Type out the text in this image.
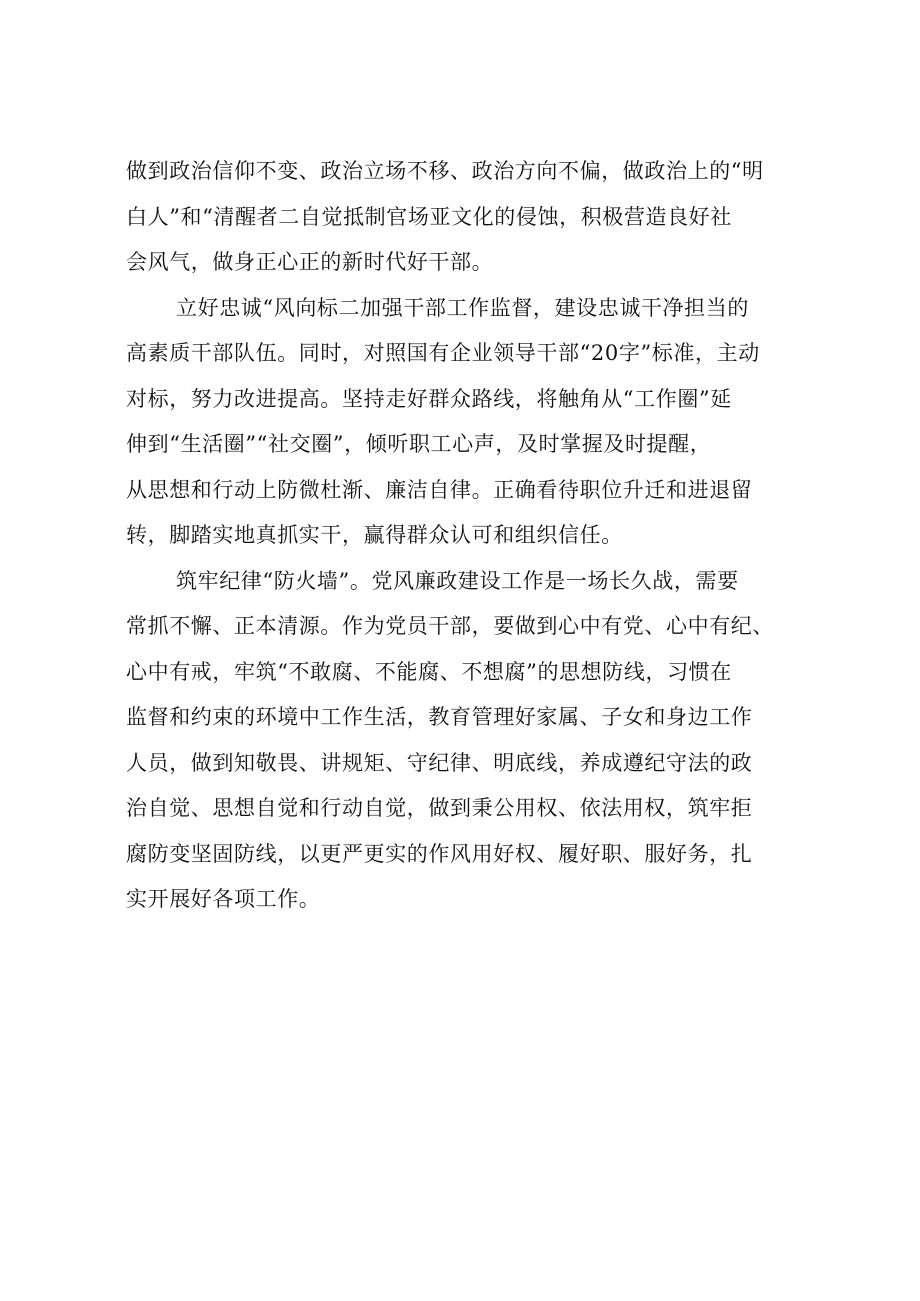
做到政治信仰不变、政治立场不移、政治方向不偏，做政治上的“明
白人”和“清醒者二自觉抵制官场亚文化的侵蚀，积极营造良好社
会风气，做身正心正的新时代好干部。
立好忠诚“风向标二加强干部工作监督，建设忠诚干净担当的
高素质干部队伍。同时，对照国有企业领导干部“20字”标准，主动
对标，努力改进提高。坚持走好群众路线，将触角从“工作圈”延
伸到“生活圈”“社交圈”，倾听职工心声，及时掌握及时提醒，
从思想和行动上防微杜渐、廉洁自律。正确看待职位升迁和进退留
转，脚踏实地真抓实干，赢得群众认可和组织信任。
筑牢纪律“防火墙”。党风廉政建设工作是一场长久战，需要
常抓不懈、正本清源。作为党员干部，要做到心中有党、心中有纪、
心中有戒，牢筑“不敢腐、不能腐、不想腐”的思想防线，习惯在
监督和约束的环境中工作生活，教育管理好家属、子女和身边工作
人员，做到知敬畏、讲规矩、守纪律、明底线，养成遵纪守法的政
治自觉、思想自觉和行动自觉，做到秉公用权、依法用权，筑牢拒
腐防变坚固防线，以更严更实的作风用好权、履好职、服好务，扎
实开展好各项工作。
